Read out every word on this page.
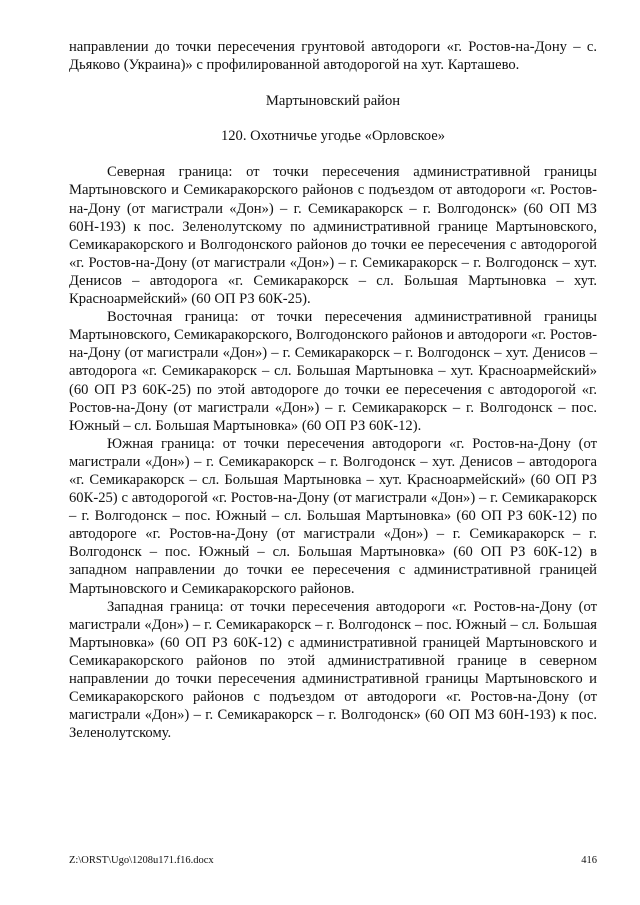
направлении до точки пересечения грунтовой автодороги «г. Ростов-на-Дону – с. Дьяково (Украина)» с профилированной автодорогой на хут. Карташево.

Мартыновский район

120. Охотничье угодье «Орловское»

Северная граница: от точки пересечения административной границы Мартыновского и Семикаракорского районов с подъездом от автодороги «г. Ростов-на-Дону (от магистрали «Дон») – г. Семикаракорск – г. Волгодонск» (60 ОП МЗ 60Н-193) к пос. Зеленолутскому по административной границе Мартыновского, Семикаракорского и Волгодонского районов до точки ее пересечения с автодорогой «г. Ростов-на-Дону (от магистрали «Дон») – г. Семикаракорск – г. Волгодонск – хут. Денисов – автодорога «г. Семикаракорск – сл. Большая Мартыновка – хут. Красноармейский» (60 ОП РЗ 60К-25).

Восточная граница: от точки пересечения административной границы Мартыновского, Семикаракорского, Волгодонского районов и автодороги «г. Ростов-на-Дону (от магистрали «Дон») – г. Семикаракорск – г. Волгодонск – хут. Денисов – автодорога «г. Семикаракорск – сл. Большая Мартыновка – хут. Красноармейский» (60 ОП РЗ 60К-25) по этой автодороге до точки ее пересечения с автодорогой «г. Ростов-на-Дону (от магистрали «Дон») – г. Семикаракорск – г. Волгодонск – пос. Южный – сл. Большая Мартыновка» (60 ОП РЗ 60К-12).

Южная граница: от точки пересечения автодороги «г. Ростов-на-Дону (от магистрали «Дон») – г. Семикаракорск – г. Волгодонск – хут. Денисов – автодорога «г. Семикаракорск – сл. Большая Мартыновка – хут. Красноармейский» (60 ОП РЗ 60К-25) с автодорогой «г. Ростов-на-Дону (от магистрали «Дон») – г. Семикаракорск – г. Волгодонск – пос. Южный – сл. Большая Мартыновка» (60 ОП РЗ 60К-12) по автодороге «г. Ростов-на-Дону (от магистрали «Дон») – г. Семикаракорск – г. Волгодонск – пос. Южный – сл. Большая Мартыновка» (60 ОП РЗ 60К-12) в западном направлении до точки ее пересечения с административной границей Мартыновского и Семикаракорского районов.

Западная граница: от точки пересечения автодороги «г. Ростов-на-Дону (от магистрали «Дон») – г. Семикаракорск – г. Волгодонск – пос. Южный – сл. Большая Мартыновка» (60 ОП РЗ 60К-12) с административной границей Мартыновского и Семикаракорского районов по этой административной границе в северном направлении до точки пересечения административной границы Мартыновского и Семикаракорского районов с подъездом от автодороги «г. Ростов-на-Дону (от магистрали «Дон») – г. Семикаракорск – г. Волгодонск» (60 ОП МЗ 60Н-193) к пос. Зеленолутскому.

Z:\ORST\Ugo\1208u171.f16.docx	416
